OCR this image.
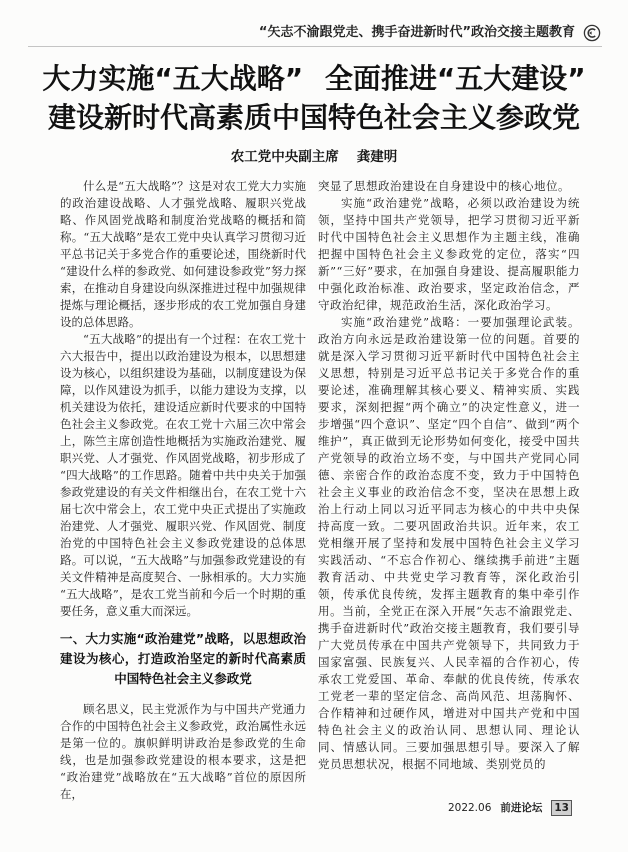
“矢志不渝跟党走、携手奋进新时代”政治交接主题教育
大力实施“五大战略” 全面推进“五大建设”
建设新时代高素质中国特色社会主义参政党
农工党中央副主席 龚建明

什么是“五大战略”？这是对农工党大力实施的政治建设战略、人才强党战略、履职兴党战略、作风固党战略和制度治党战略的概括和简称。“五大战略”是农工党中央认真学习贯彻习近平总书记关于多党合作的重要论述，围绕新时代“建设什么样的参政党、如何建设参政党”努力探索，在推动自身建设向纵深推进过程中加强规律提炼与理论概括，逐步形成的农工党加强自身建设的总体思路。

“五大战略”的提出有一个过程：在农工党十六大报告中，提出以政治建设为根本，以思想建设为核心，以组织建设为基础，以制度建设为保障，以作风建设为抓手，以能力建设为支撑，以机关建设为依托，建设适应新时代要求的中国特色社会主义参政党。在农工党十六届三次中常会上，陈竺主席创造性地概括为实施政治建党、履职兴党、人才强党、作风固党战略，初步形成了“四大战略”的工作思路。随着中共中央关于加强参政党建设的有关文件相继出台，在农工党十六届七次中常会上，农工党中央正式提出了实施政治建党、人才强党、履职兴党、作风固党、制度治党的中国特色社会主义参政党建设的总体思路。可以说，“五大战略”与加强参政党建设的有关文件精神是高度契合、一脉相承的。大力实施“五大战略”，是农工党当前和今后一个时期的重要任务，意义重大而深远。

一、大力实施“政治建党”战略，以思想政治建设为核心，打造政治坚定的新时代高素质中国特色社会主义参政党

顾名思义，民主党派作为与中国共产党通力合作的中国特色社会主义参政党，政治属性永远是第一位的。旗帜鲜明讲政治是参政党的生命线，也是加强参政党建设的根本要求，这是把“政治建党”战略放在“五大战略”首位的原因所在，

突显了思想政治建设在自身建设中的核心地位。

实施“政治建党”战略，必须以政治建设为统领，坚持中国共产党领导，把学习贯彻习近平新时代中国特色社会主义思想作为主题主线，准确把握中国特色社会主义参政党的定位，落实“四新”“三好”要求，在加强自身建设、提高履职能力中强化政治标准、政治要求，坚定政治信念，严守政治纪律，规范政治生活，深化政治学习。

实施“政治建党”战略：一要加强理论武装。政治方向永远是政治建设第一位的问题。首要的就是深入学习贯彻习近平新时代中国特色社会主义思想，特别是习近平总书记关于多党合作的重要论述，准确理解其核心要义、精神实质、实践要求，深刻把握“两个确立”的决定性意义，进一步增强“四个意识”、坚定“四个自信”、做到“两个维护”，真正做到无论形势如何变化，接受中国共产党领导的政治立场不变，与中国共产党同心同德、亲密合作的政治态度不变，致力于中国特色社会主义事业的政治信念不变，坚决在思想上政治上行动上同以习近平同志为核心的中共中央保持高度一致。二要巩固政治共识。近年来，农工党相继开展了坚持和发展中国特色社会主义学习实践活动、“不忘合作初心、继续携手前进”主题教育活动、中共党史学习教育等，深化政治引领，传承优良传统，发挥主题教育的集中牵引作用。当前，全党正在深入开展“矢志不渝跟党走、携手奋进新时代”政治交接主题教育，我们要引导广大党员传承在中国共产党领导下，共同致力于国家富强、民族复兴、人民幸福的合作初心，传承农工党爱国、革命、奉献的优良传统，传承农工党老一辈的坚定信念、高尚风范、坦荡胸怀、合作精神和过硬作风，增进对中国共产党和中国特色社会主义的政治认同、思想认同、理论认同、情感认同。三要加强思想引导。要深入了解党员思想状况，根据不同地域、类别党员的

2022.06 前进论坛 13
